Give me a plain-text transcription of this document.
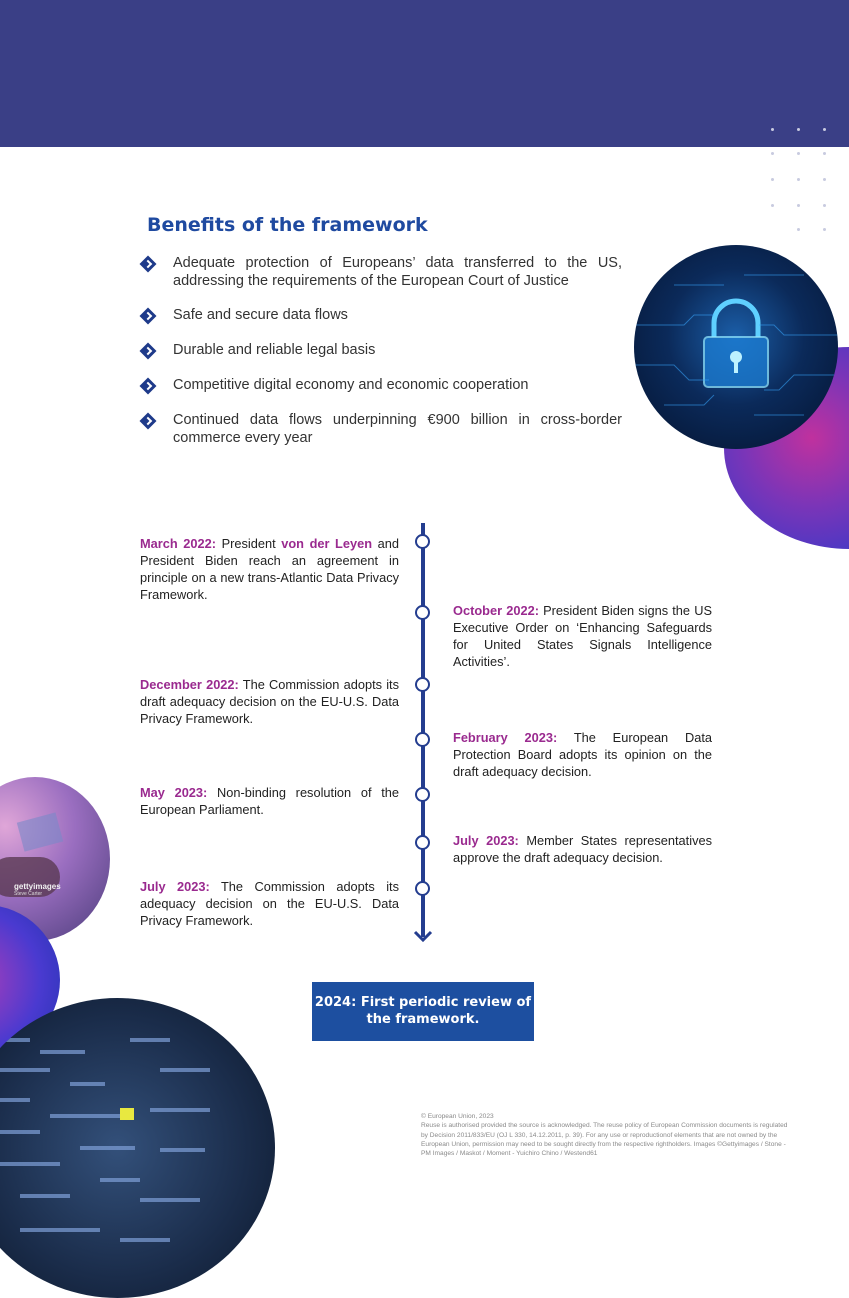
Benefits of the framework
Adequate protection of Europeans’ data transferred to the US, addressing the requirements of the European Court of Justice
Safe and secure data flows
Durable and reliable legal basis
Competitive digital economy and economic cooperation
Continued data flows underpinning €900 billion in cross-border commerce every year
gettyimages
Steve Carter
March 2022: President von der Leyen and President Biden reach an agreement in principle on a new trans-Atlantic Data Privacy Framework.
October 2022: President Biden signs the US Executive Order on ‘Enhancing Safeguards for United States Signals Intelligence Activities’.
December 2022: The Commission adopts its draft adequacy decision on the EU-U.S. Data Privacy Framework.
February 2023: The European Data Protection Board adopts its opinion on the draft adequacy decision.
May 2023: Non-binding resolution of the European Parliament.
July 2023: Member States representatives approve the draft adequacy decision.
July 2023: The Commission adopts its adequacy decision on the EU-U.S. Data Privacy Framework.
2024: First periodic review of the framework.
© European Union, 2023
Reuse is authorised provided the source is acknowledged. The reuse policy of European Commission documents is regulated by Decision 2011/833/EU (OJ L 330, 14.12.2011, p. 39). For any use or reproductionof elements that are not owned by the European Union, permission may need to be sought directly from the respective rightholders. Images ©Gettyimages / Stone - PM Images / Maskot / Moment - Yuichiro Chino / Westend61
